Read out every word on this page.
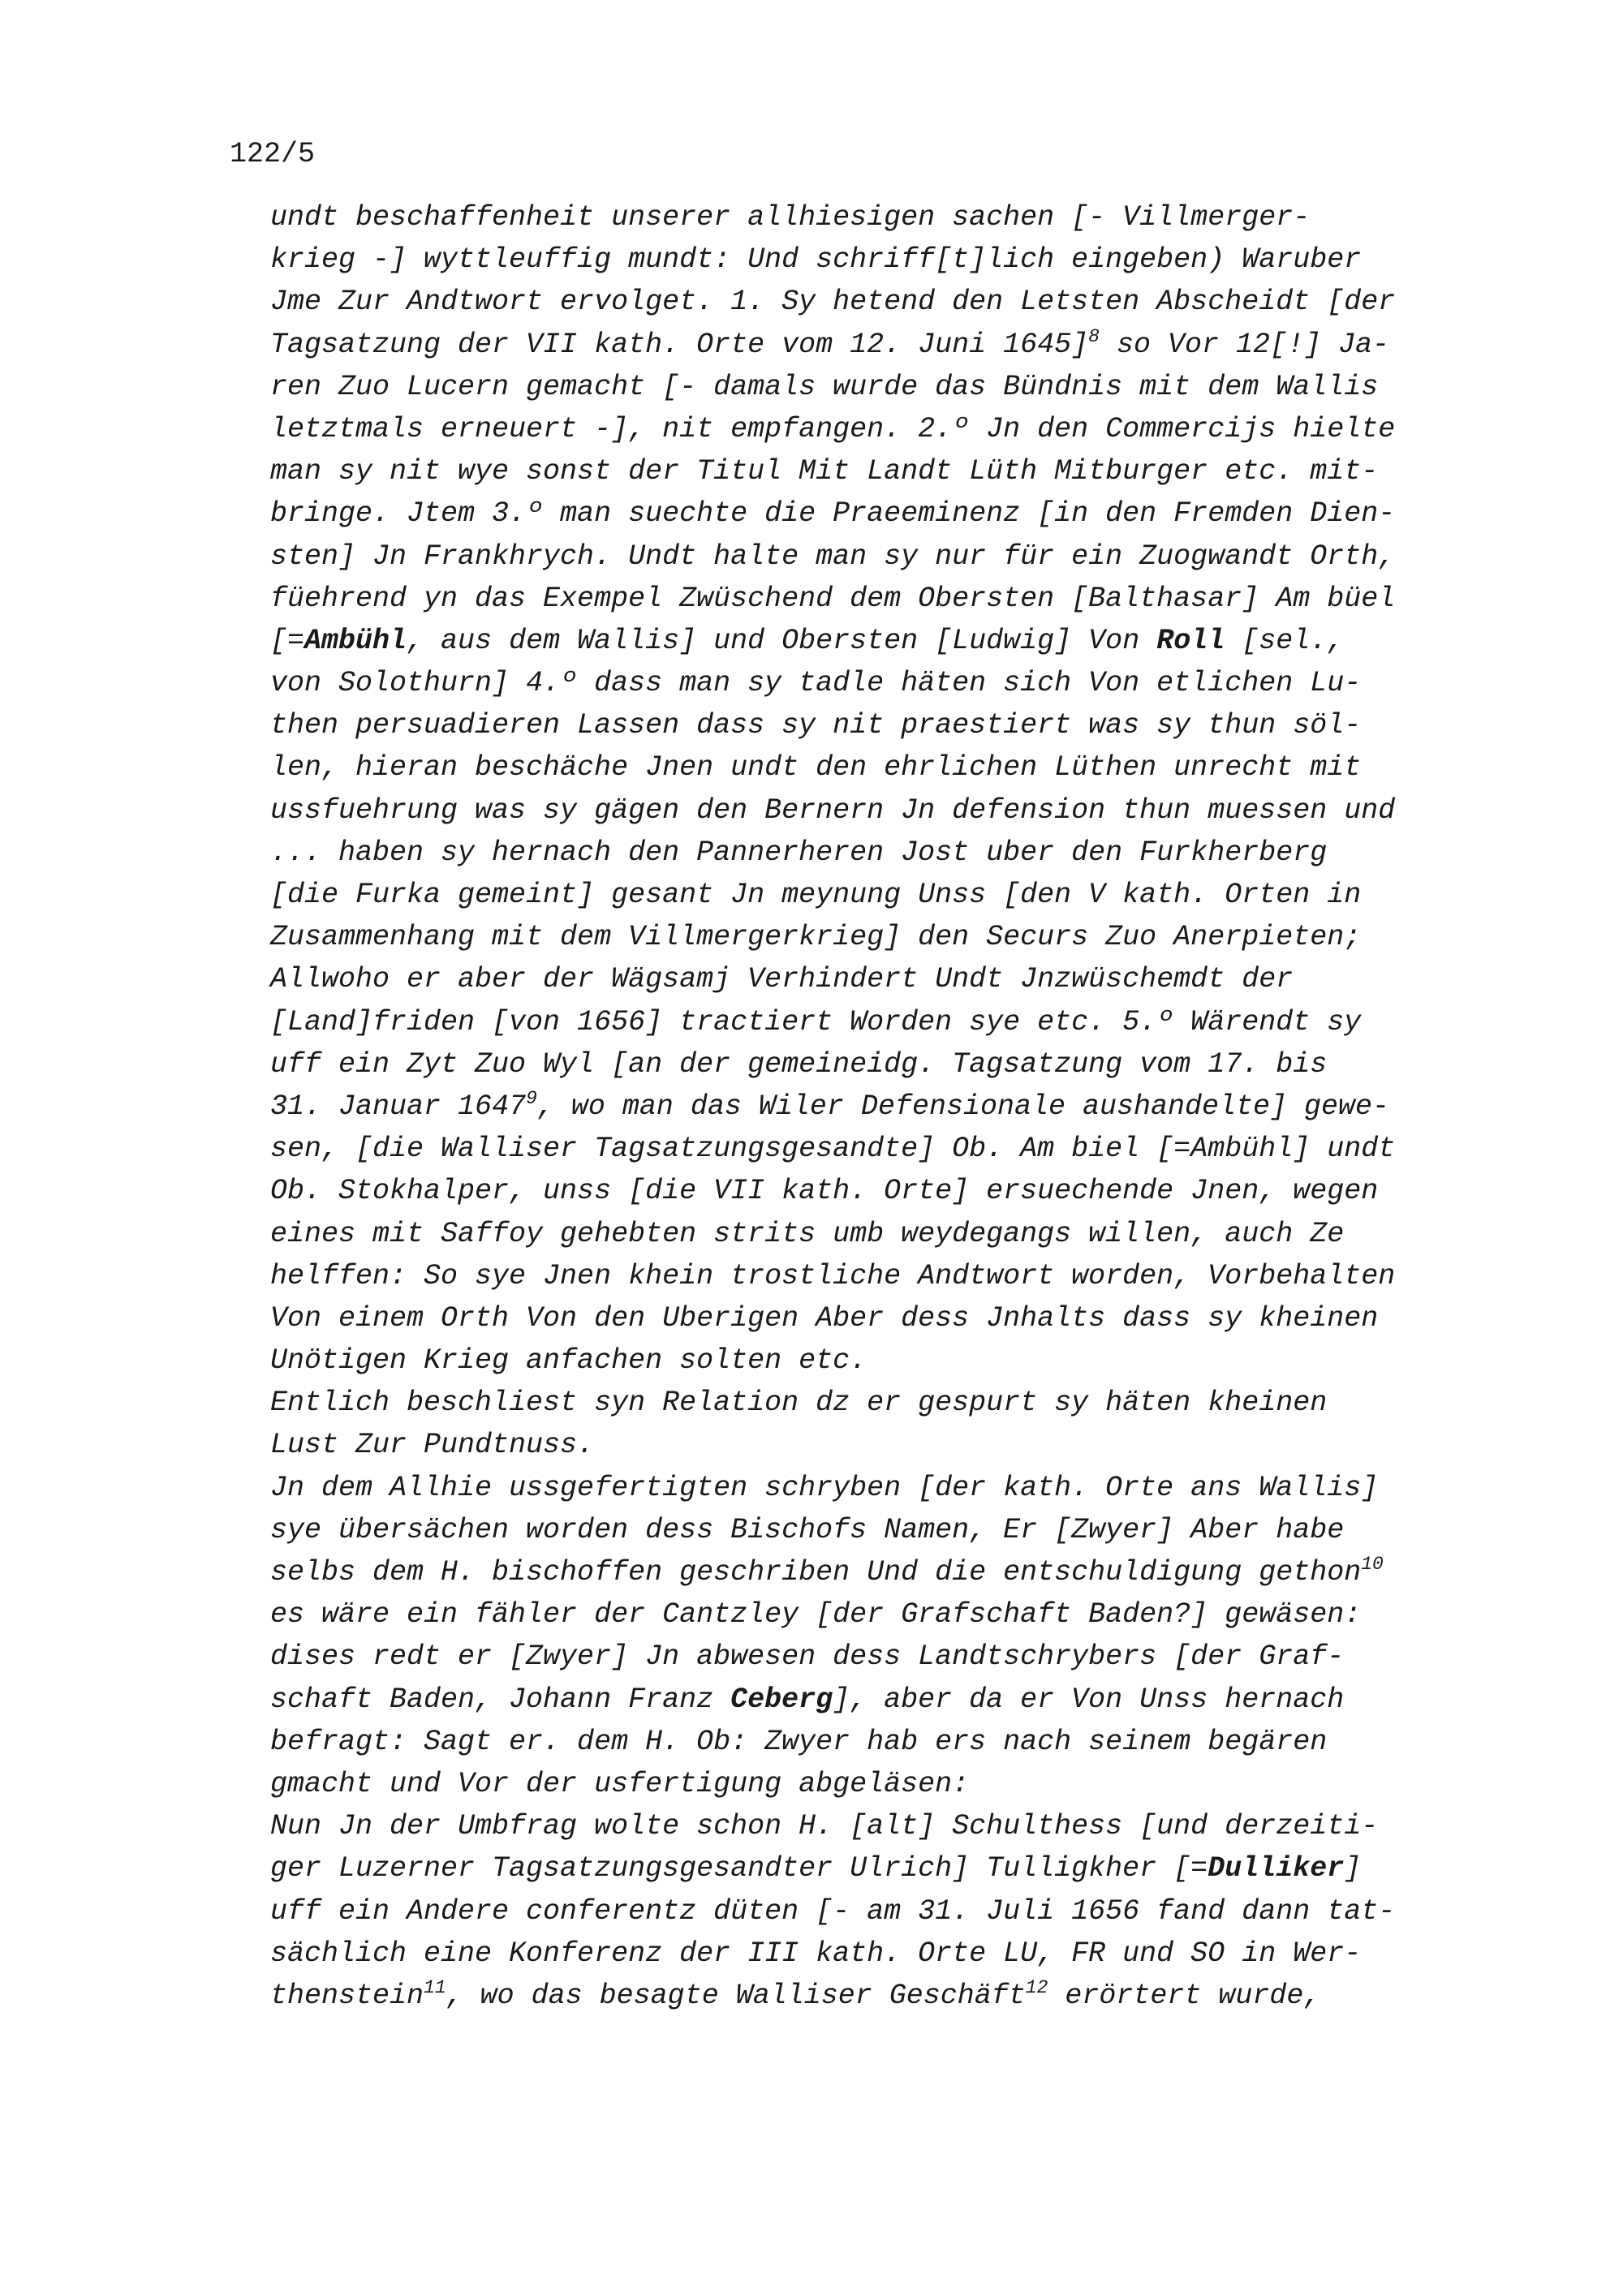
122/5
undt beschaffenheit unserer allhiesigen sachen [- Villmerger-
krieg -] wyttleuffig mundt: Und schriff[t]lich eingeben) Waruber
Jme Zur Andtwort ervolget. 1. Sy hetend den Letsten Abscheidt [der
Tagsatzung der VII kath. Orte vom 12. Juni 1645]$^8$ so Vor 12[!] Ja-
ren Zuo Lucern gemacht [- damals wurde das Bündnis mit dem Wallis
letztmals erneuert -], nit empfangen. 2.º Jn den Commercijs hielte
man sy nit wye sonst der Titul Mit Landt Lüth Mitburger etc. mit-
bringe. Jtem 3.º man suechte die Praeeminenz [in den Fremden Dien-
sten] Jn Frankhrych. Undt halte man sy nur für ein Zuogwandt Orth,
füehrend yn das Exempel Zwüschend dem Obersten [Balthasar] Am büel
[=Ambühl, aus dem Wallis] und Obersten [Ludwig] Von Roll [sel.,
von Solothurn] 4.º dass man sy tadle häten sich Von etlichen Lu-
then persuadieren Lassen dass sy nit praestiert was sy thun söl-
len, hieran beschäche Jnen undt den ehrlichen Lüthen unrecht mit
ussfuehrung was sy gägen den Bernern Jn defension thun muessen und
... haben sy hernach den Pannerheren Jost uber den Furkherberg
[die Furka gemeint] gesant Jn meynung Unss [den V kath. Orten in
Zusammenhang mit dem Villmergerkrieg] den Securs Zuo Anerpieten;
Allwoho er aber der Wägsamj Verhindert Undt Jnzwüschemdt der
[Land]friden [von 1656] tractiert Worden sye etc. 5.º Wärendt sy
uff ein Zyt Zuo Wyl [an der gemeineidg. Tagsatzung vom 17. bis
31. Januar 1647$^9$, wo man das Wiler Defensionale aushandelte] gewe-
sen, [die Walliser Tagsatzungsgesandte] Ob. Am biel [=Ambühl] undt
Ob. Stokhalper, unss [die VII kath. Orte] ersuechende Jnen, wegen
eines mit Saffoy gehebten strits umb weydegangs willen, auch Ze
helffen: So sye Jnen khein trostliche Andtwort worden, Vorbehalten
Von einem Orth Von den Uberigen Aber dess Jnhalts dass sy kheinen
Unötigen Krieg anfachen solten etc.
Entlich beschliest syn Relation dz er gespurt sy häten kheinen
Lust Zur Pundtnuss.
Jn dem Allhie ussgefertigten schryben [der kath. Orte ans Wallis]
sye übersächen worden dess Bischofs Namen, Er [Zwyer] Aber habe
selbs dem H. bischoffen geschriben Und die entschuldigung gethon$^{10}$
es wäre ein fähler der Cantzley [der Grafschaft Baden?] gewäsen:
dises redt er [Zwyer] Jn abwesen dess Landtschrybers [der Graf-
schaft Baden, Johann Franz Ceberg], aber da er Von Unss hernach
befragt: Sagt er. dem H. Ob: Zwyer hab ers nach seinem begären
gmacht und Vor der usfertigung abgeläsen:
Nun Jn der Umbfrag wolte schon H. [alt] Schulthess [und derzeiti-
ger Luzerner Tagsatzungsgesandter Ulrich] Tulligkher [=Dulliker]
uff ein Andere conferentz düten [- am 31. Juli 1656 fand dann tat-
sächlich eine Konferenz der III kath. Orte LU, FR und SO in Wer-
thenstein$^{11}$, wo das besagte Walliser Geschäft$^{12}$ erörtert wurde,
